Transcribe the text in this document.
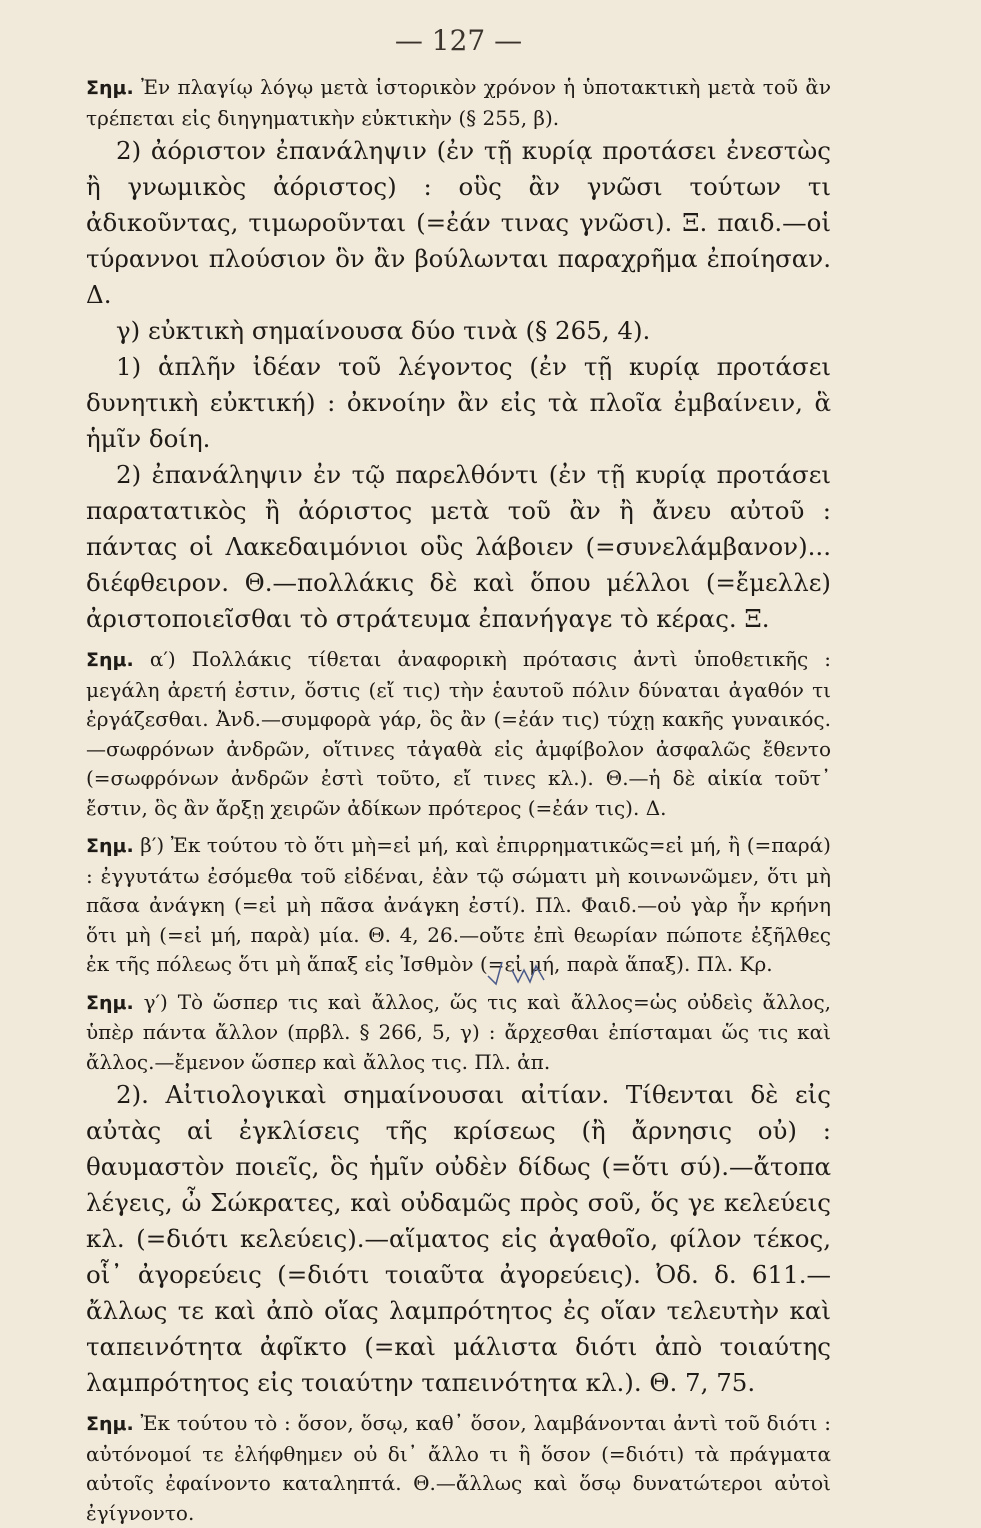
— 127 —

Σημ. Ἐν πλαγίῳ λόγῳ μετὰ ἱστορικὸν χρόνον ἡ ὑποτακτικὴ μετὰ τοῦ ἂν τρέπεται εἰς διηγηματικὴν εὐκτικὴν (§ 255, β).

2) ἀόριστον ἐπανάληψιν (ἐν τῇ κυρίᾳ προτάσει ἐνεστὼς ἢ γνωμικὸς ἀόριστος) : οὓς ἂν γνῶσι τούτων τι ἀδικοῦντας, τιμωροῦνται (=ἐάν τινας γνῶσι). Ξ. παιδ.—οἱ τύραννοι πλούσιον ὃν ἂν βούλωνται παραχρῆμα ἐποίησαν. Δ.

γ) εὐκτικὴ σημαίνουσα δύο τινὰ (§ 265, 4).

1) ἁπλῆν ἰδέαν τοῦ λέγοντος (ἐν τῇ κυρίᾳ προτάσει δυνητικὴ εὐκτική) : ὀκνοίην ἂν εἰς τὰ πλοῖα ἐμβαίνειν, ἃ ἡμῖν δοίη.

2) ἐπανάληψιν ἐν τῷ παρελθόντι (ἐν τῇ κυρίᾳ προτάσει παρατατικὸς ἢ ἀόριστος μετὰ τοῦ ἂν ἢ ἄνευ αὐτοῦ : πάντας οἱ Λακεδαιμόνιοι οὓς λάβοιεν (=συνελάμβανον)... διέφθειρον. Θ.—πολλάκις δὲ καὶ ὅπου μέλλοι (=ἔμελλε) ἀριστοποιεῖσθαι τὸ στράτευμα ἐπανήγαγε τὸ κέρας. Ξ.

Σημ. α′) Πολλάκις τίθεται ἀναφορικὴ πρότασις ἀντὶ ὑποθετικῆς : μεγάλη ἀρετή ἐστιν, ὅστις (εἴ τις) τὴν ἑαυτοῦ πόλιν δύναται ἀγαθόν τι ἐργάζεσθαι. Ἀνδ.—συμφορὰ γάρ, ὃς ἂν (=ἐάν τις) τύχῃ κακῆς γυναικός.—σωφρόνων ἀνδρῶν, οἵτινες τἀγαθὰ εἰς ἀμφίβολον ἀσφαλῶς ἔθεντο (=σωφρόνων ἀνδρῶν ἐστὶ τοῦτο, εἴ τινες κλ.). Θ.—ἡ δὲ αἰκία τοῦτ᾽ ἔστιν, ὃς ἂν ἄρξῃ χειρῶν ἀδίκων πρότερος (=ἐάν τις). Δ.

Σημ. β′) Ἐκ τούτου τὸ ὅτι μὴ=εἰ μή, καὶ ἐπιρρηματικῶς=εἰ μή, ἢ (=παρά) : ἐγγυτάτω ἐσόμεθα τοῦ εἰδέναι, ἐὰν τῷ σώματι μὴ κοινωνῶμεν, ὅτι μὴ πᾶσα ἀνάγκη (=εἰ μὴ πᾶσα ἀνάγκη ἐστί). Πλ. Φαιδ.—οὐ γὰρ ἦν κρήνη ὅτι μὴ (=εἰ μή, παρὰ) μία. Θ. 4, 26.—οὔτε ἐπὶ θεωρίαν πώποτε ἐξῆλθες ἐκ τῆς πόλεως ὅτι μὴ ἅπαξ εἰς Ἰσθμὸν (=εἰ μή, παρὰ ἅπαξ). Πλ. Κρ.

Σημ. γ′) Τὸ ὥσπερ τις καὶ ἄλλος, ὥς τις καὶ ἄλλος=ὡς οὐδεὶς ἄλλος, ὑπὲρ πάντα ἄλλον (πρβλ. § 266, 5, γ) : ἄρχεσθαι ἐπίσταμαι ὥς τις καὶ ἄλλος.—ἔμενον ὥσπερ καὶ ἄλλος τις. Πλ. ἀπ.

2). Αἰτιολογικαὶ σημαίνουσαι αἰτίαν. Τίθενται δὲ εἰς αὐτὰς αἱ ἐγκλίσεις τῆς κρίσεως (ἢ ἄρνησις οὐ) : θαυμαστὸν ποιεῖς, ὃς ἡμῖν οὐδὲν δίδως (=ὅτι σύ).—ἄτοπα λέγεις, ὦ Σώκρατες, καὶ οὐδαμῶς πρὸς σοῦ, ὅς γε κελεύεις κλ. (=διότι κελεύεις).—αἵματος εἰς ἀγαθοῖο, φίλον τέκος, οἷ᾽ ἀγορεύεις (=διότι τοιαῦτα ἀγορεύεις). Ὀδ. δ. 611.—ἄλλως τε καὶ ἀπὸ οἵας λαμπρότητος ἐς οἵαν τελευτὴν καὶ ταπεινότητα ἀφῖκτο (=καὶ μάλιστα διότι ἀπὸ τοιαύτης λαμπρότητος εἰς τοιαύτην ταπεινότητα κλ.). Θ. 7, 75.

Σημ. Ἐκ τούτου τὸ : ὅσον, ὅσῳ, καθ᾽ ὅσον, λαμβάνονται ἀντὶ τοῦ διότι : αὐτόνομοί τε ἐλήφθημεν οὐ δι᾽ ἄλλο τι ἢ ὅσον (=διότι) τὰ πράγματα αὐτοῖς ἐφαίνοντο καταληπτά. Θ.—ἄλλως καὶ ὅσῳ δυνατώτεροι αὐτοὶ ἐγίγνοντο.
